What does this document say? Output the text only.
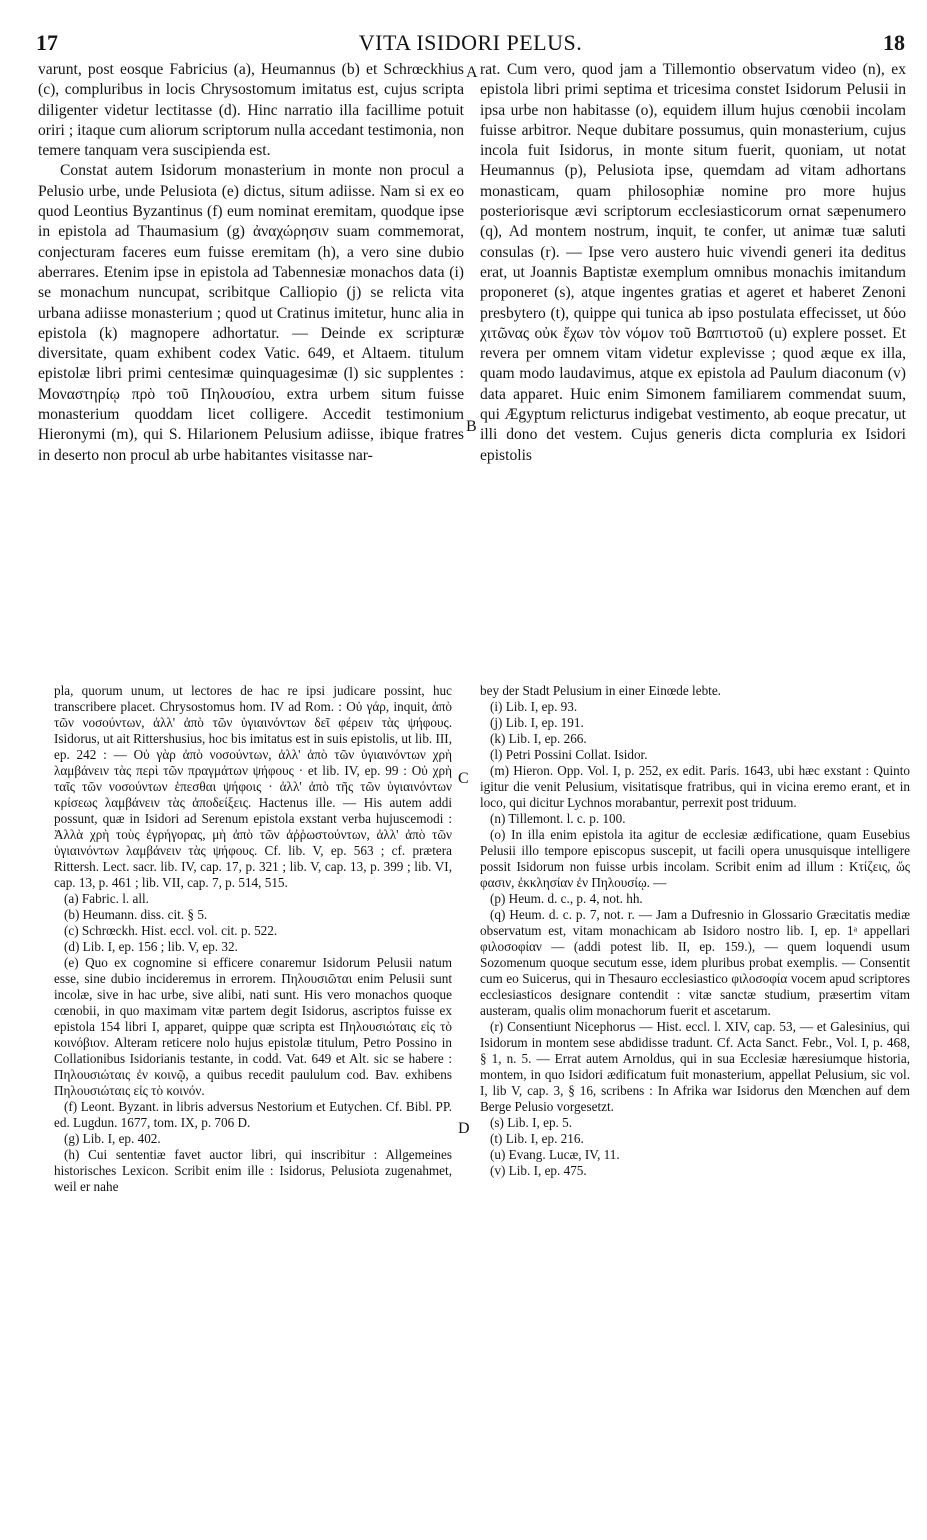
17	VITA ISIDORI PELUS.	18

varunt, post eosque Fabricius (a), Heumannus (b) et Schrœckhius (c), compluribus in locis Chrysostomum imitatus est, cujus scripta diligenter videtur lectitasse (d). Hinc narratio illa facillime potuit oriri ; itaque cum aliorum scriptorum nulla accedant testimonia, non temere tanquam vera suscipienda est.

Constat autem Isidorum monasterium in monte non procul a Pelusio urbe, unde Pelusiota (e) dictus, situm adiisse. Nam si ex eo quod Leontius Byzantinus (f) eum nominat eremitam, quodque ipse in epistola ad Thaumasium (g) ἀναχώρησιν suam commemorat, conjecturam faceres eum fuisse eremitam (h), a vero sine dubio aberrares. Etenim ipse in epistola ad Tabennesiæ monachos data (i) se monachum nuncupat, scribitque Calliopio (j) se relicta vita urbana adiisse monasterium ; quod ut Cratinus imitetur, hunc alia in epistola (k) magnopere adhortatur. — Deinde ex scripturæ diversitate, quam exhibent codex Vatic. 649, et Altaem. titulum epistolæ libri primi centesimæ quinquagesimæ (l) sic supplentes : Μοναστηρίῳ πρὸ τοῦ Πηλουσίου, extra urbem situm fuisse monasterium quoddam licet colligere. Accedit testimonium Hieronymi (m), qui S. Hilarionem Pelusium adiisse, ibique fratres in deserto non procul ab urbe habitantes visitasse nar-

rat. Cum vero, quod jam a Tillemontio observatum video (n), ex epistola libri primi septima et tricesima constet Isidorum Pelusii in ipsa urbe non habitasse (o), equidem illum hujus cœnobii incolam fuisse arbitror. Neque dubitare possumus, quin monasterium, cujus incola fuit Isidorus, in monte situm fuerit, quoniam, ut notat Heumannus (p), Pelusiota ipse, quemdam ad vitam adhortans monasticam, quam philosophiæ nomine pro more hujus posteriorisque ævi scriptorum ecclesiasticorum ornat sæpenumero (q), Ad montem nostrum, inquit, te confer, ut animæ tuæ saluti consulas (r). — Ipse vero austero huic vivendi generi ita deditus erat, ut Joannis Baptistæ exemplum omnibus monachis imitandum proponeret (s), atque ingentes gratias et ageret et haberet Zenoni presbytero (t), quippe qui tunica ab ipso postulata effecisset, ut δύο χιτῶνας οὐκ ἔχων τὸν νόμον τοῦ Βαπτιστοῦ (u) explere posset. Et revera per omnem vitam videtur explevisse ; quod æque ex illa, quam modo laudavimus, atque ex epistola ad Paulum diaconum (v) data apparet. Huic enim Simonem familiarem commendat suum, qui Ægyptum relicturus indigebat vestimento, ab eoque precatur, ut illi dono det vestem. Cujus generis dicta compluria ex Isidori epistolis

A
B
C
D

pla, quorum unum, ut lectores de hac re ipsi judicare possint, huc transcribere placet. Chrysostomus hom. IV ad Rom. : Οὐ γάρ, inquit, ἀπὸ τῶν νοσούντων, ἀλλ' ἀπὸ τῶν ὑγιαινόντων δεῖ φέρειν τὰς ψήφους. Isidorus, ut ait Rittershusius, hoc bis imitatus est in suis epistolis, ut lib. III, ep. 242 : — Οὐ γὰρ ἀπὸ νοσούντων, ἀλλ' ἀπὸ τῶν ὑγιαινόντων χρὴ λαμβάνειν τὰς περὶ τῶν πραγμάτων ψήφους · et lib. IV, ep. 99 : Οὐ χρὴ ταῖς τῶν νοσούντων ἑπεσθαι ψήφοις · ἀλλ' ἀπὸ τῆς τῶν ὑγιαινόντων κρίσεως λαμβάνειν τὰς ἀποδείξεις. Hactenus ille. — His autem addi possunt, quæ in Isidori ad Serenum epistola exstant verba hujuscemodi : Ἀλλὰ χρὴ τοὺς ἐγρήγορας, μὴ ἀπὸ τῶν ἀῤῥωστούντων, ἀλλ' ἀπὸ τῶν ὑγιαινόντων λαμβάνειν τὰς ψήφους. Cf. lib. V, ep. 563 ; cf. prætera Rittersh. Lect. sacr. lib. IV, cap. 17, p. 321 ; lib. V, cap. 13, p. 399 ; lib. VI, cap. 13, p. 461 ; lib. VII, cap. 7, p. 514, 515.

(a) Fabric. l. all.

(b) Heumann. diss. cit. § 5.

(c) Schrœckh. Hist. eccl. vol. cit. p. 522.

(d) Lib. I, ep. 156 ; lib. V, ep. 32.

(e) Quo ex cognomine si efficere conaremur Isidorum Pelusii natum esse, sine dubio incideremus in errorem. Πηλουσιῶται enim Pelusii sunt incolæ, sive in hac urbe, sive alibi, nati sunt. His vero monachos quoque cœnobii, in quo maximam vitæ partem degit Isidorus, ascriptos fuisse ex epistola 154 libri I, apparet, quippe quæ scripta est Πηλουσιώταις εἰς τὸ κοινόβιον. Alteram reticere nolo hujus epistolæ titulum, Petro Possino in Collationibus Isidorianis testante, in codd. Vat. 649 et Alt. sic se habere : Πηλουσιώταις ἐν κοινῷ, a quibus recedit paululum cod. Bav. exhibens Πηλουσιώταις εἰς τὸ κοινόν.

(f) Leont. Byzant. in libris adversus Nestorium et Eutychen. Cf. Bibl. PP. ed. Lugdun. 1677, tom. IX, p. 706 D.

(g) Lib. I, ep. 402.

(h) Cui sententiæ favet auctor libri, qui inscribitur : Allgemeines historisches Lexicon. Scribit enim ille : Isidorus, Pelusiota zugenahmet, weil er nahe

bey der Stadt Pelusium in einer Einœde lebte.

(i) Lib. I, ep. 93.

(j) Lib. I, ep. 191.

(k) Lib. I, ep. 266.

(l) Petri Possini Collat. Isidor.

(m) Hieron. Opp. Vol. I, p. 252, ex edit. Paris. 1643, ubi hæc exstant : Quinto igitur die venit Pelusium, visitatisque fratribus, qui in vicina eremo erant, et in loco, qui dicitur Lychnos morabantur, perrexit post triduum.

(n) Tillemont. l. c. p. 100.

(o) In illa enim epistola ita agitur de ecclesiæ ædificatione, quam Eusebius Pelusii illo tempore episcopus suscepit, ut facili opera unusquisque intelligere possit Isidorum non fuisse urbis incolam. Scribit enim ad illum : Κτίζεις, ὥς φασιν, ἐκκλησίαν ἐν Πηλουσίῳ. —

(p) Heum. d. c., p. 4, not. hh.

(q) Heum. d. c. p. 7, not. r. — Jam a Dufresnio in Glossario Græcitatis mediæ observatum est, vitam monachicam ab Isidoro nostro lib. I, ep. 1ᵃ appellari φιλοσοφίαν — (addi potest lib. II, ep. 159.), — quem loquendi usum Sozomenum quoque secutum esse, idem pluribus probat exemplis. — Consentit cum eo Suicerus, qui in Thesauro ecclesiastico φιλοσοφία vocem apud scriptores ecclesiasticos designare contendit : vitæ sanctæ studium, præsertim vitam austeram, qualis olim monachorum fuerit et ascetarum.

(r) Consentiunt Nicephorus — Hist. eccl. l. XIV, cap. 53, — et Galesinius, qui Isidorum in montem sese abdidisse tradunt. Cf. Acta Sanct. Febr., Vol. I, p. 468, § 1, n. 5. — Errat autem Arnoldus, qui in sua Ecclesiæ hæresiumque historia, montem, in quo Isidori ædificatum fuit monasterium, appellat Pelusium, sic vol. I, lib V, cap. 3, § 16, scribens : In Afrika war Isidorus den Mœnchen auf dem Berge Pelusio vorgesetzt.

(s) Lib. I, ep. 5.

(t) Lib. I, ep. 216.

(u) Evang. Lucæ, IV, 11.

(v) Lib. I, ep. 475.
